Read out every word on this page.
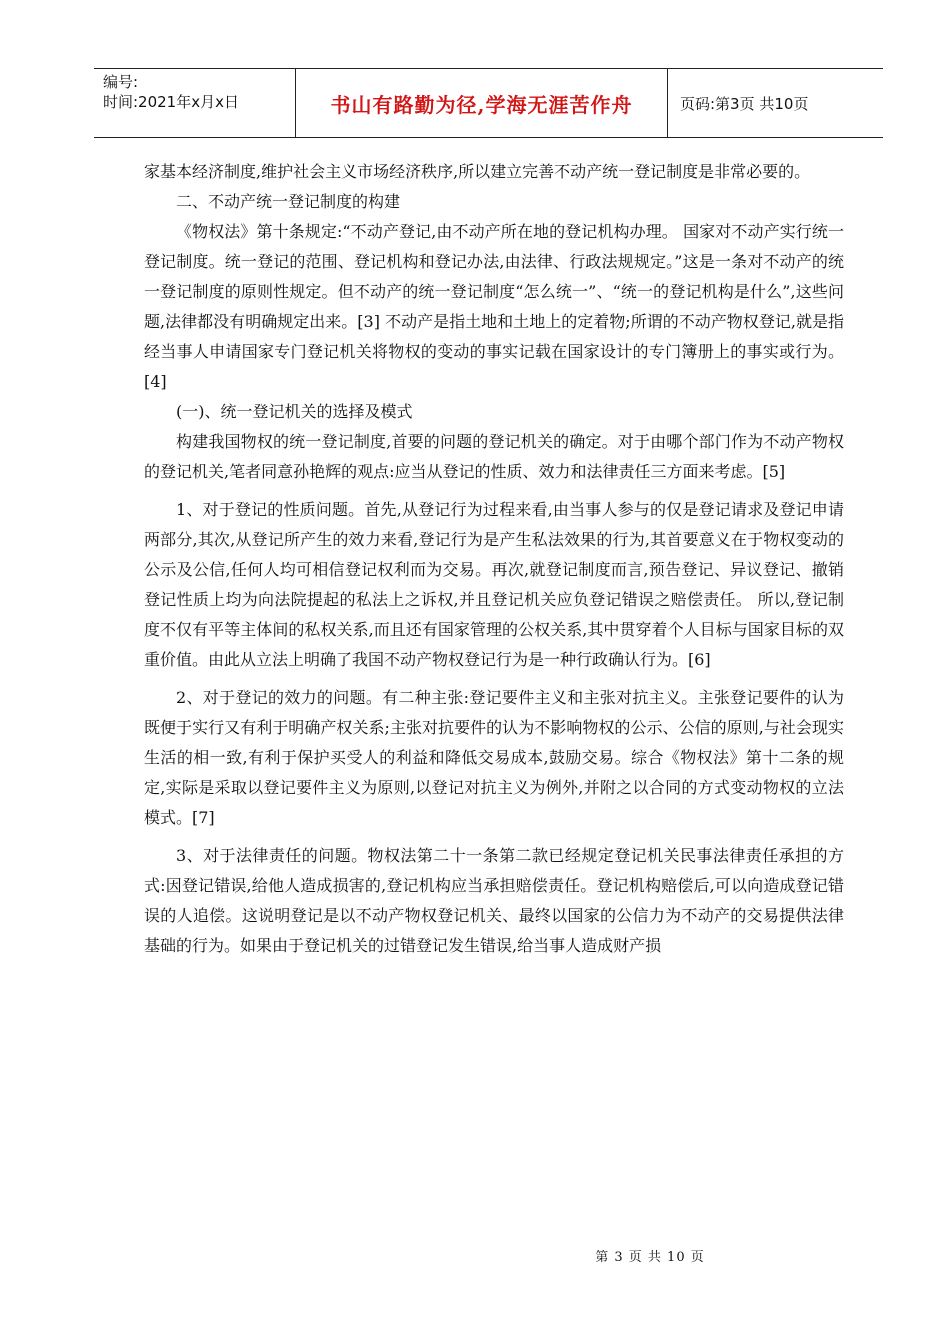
编号:
时间:2021年x月x日	书山有路勤为径,学海无涯苦作舟	页码:第3页 共10页

家基本经济制度,维护社会主义市场经济秩序,所以建立完善不动产统一登记制度是非常必要的。

二、不动产统一登记制度的构建

《物权法》第十条规定:“不动产登记,由不动产所在地的登记机构办理。 国家对不动产实行统一登记制度。统一登记的范围、登记机构和登记办法,由法律、行政法规规定。”这是一条对不动产的统一登记制度的原则性规定。但不动产的统一登记制度“怎么统一”、“统一的登记机构是什么”,这些问题,法律都没有明确规定出来。[3] 不动产是指土地和土地上的定着物;所谓的不动产物权登记,就是指经当事人申请国家专门登记机关将物权的变动的事实记载在国家设计的专门簿册上的事实或行为。[4]

(一)、统一登记机关的选择及模式

构建我国物权的统一登记制度,首要的问题的登记机关的确定。对于由哪个部门作为不动产物权的登记机关,笔者同意孙艳辉的观点:应当从登记的性质、效力和法律责任三方面来考虑。[5]

1、对于登记的性质问题。首先,从登记行为过程来看,由当事人参与的仅是登记请求及登记申请两部分,其次,从登记所产生的效力来看,登记行为是产生私法效果的行为,其首要意义在于物权变动的公示及公信,任何人均可相信登记权利而为交易。再次,就登记制度而言,预告登记、异议登记、撤销登记性质上均为向法院提起的私法上之诉权,并且登记机关应负登记错误之赔偿责任。 所以,登记制度不仅有平等主体间的私权关系,而且还有国家管理的公权关系,其中贯穿着个人目标与国家目标的双重价值。由此从立法上明确了我国不动产物权登记行为是一种行政确认行为。[6]

2、对于登记的效力的问题。有二种主张:登记要件主义和主张对抗主义。主张登记要件的认为既便于实行又有利于明确产权关系;主张对抗要件的认为不影响物权的公示、公信的原则,与社会现实生活的相一致,有利于保护买受人的利益和降低交易成本,鼓励交易。综合《物权法》第十二条的规定,实际是采取以登记要件主义为原则,以登记对抗主义为例外,并附之以合同的方式变动物权的立法模式。[7]

3、对于法律责任的问题。物权法第二十一条第二款已经规定登记机关民事法律责任承担的方式:因登记错误,给他人造成损害的,登记机构应当承担赔偿责任。登记机构赔偿后,可以向造成登记错误的人追偿。这说明登记是以不动产物权登记机关、最终以国家的公信力为不动产的交易提供法律基础的行为。如果由于登记机关的过错登记发生错误,给当事人造成财产损

第 3 页 共 10 页
